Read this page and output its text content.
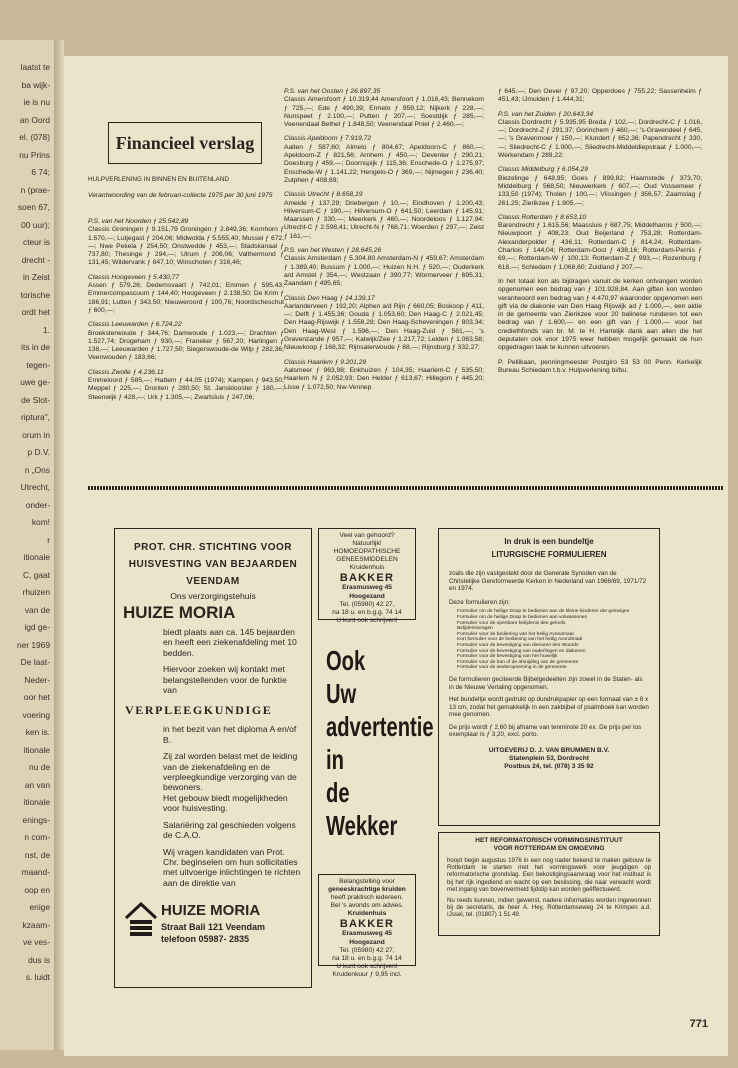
laatst te
ba wijk-
ie is nu
an Oord
el. (078)
nu Prins
6 74;
n (prae-
soen 67,
00 uur);
cteur is
drecht -
in Zeist
torische
ordt het
1.
its in de
tegen-
uwe ge-
de Slot-
riptura",
orum in
p D.V.
n „Ons
Utrecht,
onder-
kom!
r
itionale
C, gaat
rhuizen
van de
igd ge-
ner 1969
De laat-
Neder-
oor het
voering
ken is.
itionale
nu de
an van
itionale
enings-
n com-
nst, de
maand-
oop en
enige
kzaam-
ve ves-
dus is
s. luidt
Financieel verslag
HULPVERLENING IN BINNEN EN BUITENLAND
Verantwoording van de februari-collecte 1975 per 30 juni 1975

P.S. van het Noorden ƒ 25.542,89
Classis Groningen ƒ 9.151,79 Groningen ƒ 2.849,36; Kornhorn ƒ 1.570,—; Lutjegast ƒ 204,06; Midwolda ƒ 5.555,40; Mussel ƒ 672,—; Nwe Pekela ƒ 254,50; Onstwedde ƒ 453,—; Stadskanaal ƒ 737,80; Thesinge ƒ 294,—; Ulrum ƒ 206,06; Valthermond ƒ 131,45; Wildervank ƒ 847,10; Winschoten ƒ 316,46;

Classis Hoogeveen ƒ 5.430,77
Assen ƒ 579,26; Dedemsvaart ƒ 742,01; Emmen ƒ 595,43; Emmercompascuum ƒ 144,40; Hoogeveen ƒ 2.138,50; De Krim ƒ 186,91; Lutten ƒ 343,50; Nieuweroord ƒ 100,76; Noordscheschut ƒ 600,—;

Classis Leeuwarden ƒ 6.724,22
Broeksterwoude ƒ 344,76; Damwoude ƒ 1.023,—; Drachten ƒ 1.527,74; Drogeham ƒ 930,—; Franeker ƒ 567,20; Harlingen ƒ 138,—; Leeuwarden ƒ 1.727,50; Siegerswoude-de Wilp ƒ 282,36; Veenwouden ƒ 183,66;

Classis Zwolle ƒ 4.236,11
Emmeloord ƒ 585,—; Hattem ƒ 44,05 (1974); Kampen ƒ 943,50; Meppel ƒ 225,—; Dronten ƒ 280,50; St. Jansklooster ƒ 180,—; Steenwijk ƒ 428,—; Urk ƒ 1.305,—; Zwartsluis ƒ 247,06;

P.S. van het Oosten ƒ 26.897,35
Classis Amersfoort ƒ 10.319,44 Amersfoort ƒ 1.016,43; Bennekom ƒ 725,—; Ede ƒ 490,39; Ermelo ƒ 959,12; Nijkerk ƒ 228,—; Nunspeet ƒ 2.100,—; Putten ƒ 207,—; Soestdijk ƒ 285,—; Veenendaal Bethel ƒ 1.848,50; Veenendaal Pniel ƒ 2.460,—;

Classis Apeldoorn ƒ 7.919,72
Aalten ƒ 587,60; Almelo ƒ 804,67; Apeldoorn-C ƒ 860,—; Apeldoorn-Z ƒ 821,56; Arnhem ƒ 450,—; Deventer ƒ 290,21; Doesburg ƒ 459,—; Doornspijk ƒ 115,36; Enschede-O ƒ 1.275,97; Enschede-W ƒ 1.141,22; Hengelo-O ƒ 369,—; Nijmegen ƒ 236,40; Zutphen ƒ 408,69;

Classis Utrecht ƒ 8.658,19
Ameide ƒ 137,29; Driebergen ƒ 10,—; Eindhoven ƒ 1.200,43; Hilversum-C ƒ 190,—; Hilversum-O ƒ 641,50; Leerdam ƒ 145,91; Maarssen ƒ 330,—; Meerkerk ƒ 460,—; Noordeloos ƒ 1.127,94; Utrecht-C ƒ 2.598,41; Utrecht-N ƒ 768,71; Woerden ƒ 297,—; Zeist ƒ 161,—;

P.S. van het Westen ƒ 28.645,26
Classis Amsterdam ƒ 5.304,80 Amsterdam-N ƒ 459,67; Amsterdam ƒ 1.389,40; Bussum ƒ 1.000,—; Huizen N.H. ƒ 520,—; Ouderkerk a/d Amstel ƒ 354,—; Westzaan ƒ 390,77; Wormerveer ƒ 695,31; Zaandam ƒ 495,65;

Classis Den Haag ƒ 14.139,17
Aarlanderveen ƒ 192,20; Alphen a/d Rijn ƒ 660,05; Boskoop ƒ 411,—; Delft ƒ 1.455,36; Gouda ƒ 1.053,60; Den Haag-C ƒ 2.021,45; Den Haag-Rijswijk ƒ 1.558,28; Den Haag-Scheveningen ƒ 803,34; Den Haag-West ƒ 1.596,—; Den Haag-Zuid ƒ 561,—; 's Gravenzande ƒ 957,—; Katwijk/Zee ƒ 1.217,72; Leiden ƒ 1.063,58; Nieuwkoop ƒ 168,32; Rijnsaterwoude ƒ 88,—; Rijnsburg ƒ 332,27;

Classis Haarlem ƒ 9.201,29
Aalsmeer ƒ 963,98; Enkhuizen ƒ 104,35; Haarlem-C ƒ 535,50; Haarlem N ƒ 2.052,93; Den Helder ƒ 613,67; Hillegom ƒ 445,20; Lisse ƒ 1.072,50; Nw-Vennep

ƒ 645,—; Den Oever ƒ 97,20; Opperdoes ƒ 755,22; Sassenheim ƒ 451,43; IJmuiden ƒ 1.444,31;

P.S. van het Zuiden ƒ 20.643,34
Classis Dordrecht ƒ 5.935,95 Breda ƒ 102,—; Dordrecht-C ƒ 1.016,—; Dordrecht-Z ƒ 291,37; Gorinchem ƒ 460,—; 's-Gravendeel ƒ 645,—; 's Gravenmoer ƒ 150,—; Klundert ƒ 652,36; Papendrecht ƒ 330,—; Sliedrecht-C ƒ 1.000,—; Sliedrecht-Middeldiepstraat ƒ 1.000,—; Werkendam ƒ 289,22;

Classis Middelburg ƒ 6.054,29
Biezelinge ƒ 648,95; Goes ƒ 899,82; Haamstede ƒ 373,70; Middelburg ƒ 568,50; Nieuwerkerk ƒ 607,—; Oud Vossemeer ƒ 133,50 (1974); Tholen ƒ 100,—; Vlissingen ƒ 356,57; Zaamslag ƒ 261,25; Zierikzee ƒ 1.905,—;

Classis Rotterdam ƒ 8.653,10
Barendrecht ƒ 1.615,56; Maassluis ƒ 687,75; Middelharnis ƒ 500,—; Nieuwpoort ƒ 408,23; Oud Beijerland ƒ 753,28; Rotterdam-Alexanderpolder ƒ 436,11; Rotterdam-C ƒ 814,24; Rotterdam-Charlois ƒ 144,04; Rotterdam-Oost ƒ 438,16; Rotterdam-Pernis ƒ 69,—; Rotterdam-W ƒ 100,13; Rotterdam-Z ƒ 993,—; Rozenburg ƒ 618,—; Schiedam ƒ 1.068,60; Zuidland ƒ 207,—.

In het totaal kon als bijdragen vanuit de kerken ontvangen worden opgenomen een bedrag van ƒ 101.928,84. Aan giften kon worden verantwoord een bedrag van ƒ 4.470,97 waaronder opgenomen een gift via de diakonie van Den Haag Rijswijk ad ƒ 1.000,—, een aktie in de gemeente van Zierikzee voor 20 balinese runderen tot een bedrag van ƒ 1.600,— en een gift van ƒ 1.000,— voor het crediethfonds van br. M. te H. Hartelijk dank aan allen die het deputaten ook voor 1975 weer hebben mogelijk gemaakt de hun opgedragen taak te kunnen uitvoeren.

P. Pellikaan, penningmeester Postgiro 53 53 00 Penn. Kerkelijk Bureau Schiedam t.b.v. Hulpverlening bi/bu.

PROT. CHR. STICHTING VOOR
HUISVESTING VAN BEJAARDEN
VEENDAM
Ons verzorgingstehuis
HUIZE MORIA
biedt plaats aan ca. 145 bejaarden en heeft een ziekenafdeling met 10 bedden.
Hiervoor zoeken wij kontakt met belangstellenden voor de funktie van
VERPLEEGKUNDIGE
in het bezit van het diploma A en/of B.
Zij zal worden belast met de leiding van de ziekenafdeling en de verpleegkundige verzorging van de bewoners.
Het gebouw biedt mogelijkheden voor huisvesting.
Salariëring zal geschieden volgens de C.A.O.
Wij vragen kandidaten van Prot. Chr. beginselen om hun sollicitaties met uitvoerige inlichtingen te richten aan de direktie van
HUIZE MORIA
Straat Bali 121 Veendam
telefoon 05987- 2835
Veel van gehoord?
Natuurlijk!
HOMOEOPATHISCHE GENEESMIDDELEN
Kruidenhuis
BAKKER
Erasmusweg 45
Hoogezand
Tel. (05980) 42 27,
na 18 u. en b.g.g. 74 14
U kunt ook schrijven!
Ook
Uw
advertentie
in
de
Wekker
Belangstelling voor
geneeskrachtige kruiden
heeft praktisch iedereen.
Bel 's avonds om advies.
Kruidenhuis
BAKKER
Erasmusweg 45
Hoogezand
Tel. (05980) 42 27,
na 18 u. en b.g.g. 74 14
U kunt ook schrijven!
Kruidenkuur ƒ 9,95 incl.
In druk is een bundeltje
LITURGISCHE FORMULIEREN
zoals die zijn vastgesteld door de Generale Synoden van de Christelijke Gereformeerde Kerken in Nederland van 1968/69, 1971/72 en 1974.
Deze formulieren zijn:
Formulier om de heilige Doop te bedienen aan de kleine kinderen der gelovigen
Formulier om de heilige Doop te bedienen aan volwassenen
Formulier voor de openbare belijdenis des geloofs
Belijdenisvragen
Formulier voor de bediening van het heilig Avondmaal
Kort formulier voor de bediening van het heilig Avondmaal
Formulier voor de bevestiging van dienaren des Woords
Formulier voor de bevestiging van ouderlingen en diakenen
Formulier voor de bevestiging van het huwelijk
Formulier voor de ban of de afsnijding van de gemeente
Formulier voor de wederopneming in de gemeente
De formulieren geciteerde Bijbelgedeelten zijn zowel in de Staten- als in de Nieuwe Vertaling opgenomen.
Het bundeltje wordt gedrukt op dundrukpapier op een formaat van ± 8 x 13 cm, zodat het gemakkelijk in een zakbijbel of psalmboek kan worden mee genomen.
De prijs wordt ƒ 2,60 bij afname van tenminste 20 ex. De prijs per los exemplaar is ƒ 3,20, excl. porto.
UITGEVERIJ D. J. VAN BRUMMEN B.V.
Statenplein 53, Dordrecht
Postbus 24, tel. (078) 3 35 92
HET REFORMATORISCH VORMINGSINSTITUUT
VOOR ROTTERDAM EN OMGEVING
hoopt begin augustus 1976 in een nog nader bekend te maken gebouw te Rotterdam te starten met het vormingswerk voor jeugdigen op reformatorische grondslag. Een bekostigingsaanvraag voor het instituut is bij het rijk ingediend en wacht op een beslissing, die naar verwacht wordt met ingang van bovenvermeld tijdstip kan worden geëffectueerd.
Nu reeds kunnen, indien gewenst, nadere informaties worden ingewonnen bij de secretaris, de heer A. Hey, Rotterdamseweg 24 te Krimpen a.d. IJssel, tel. (01807) 1 51 49.
771
